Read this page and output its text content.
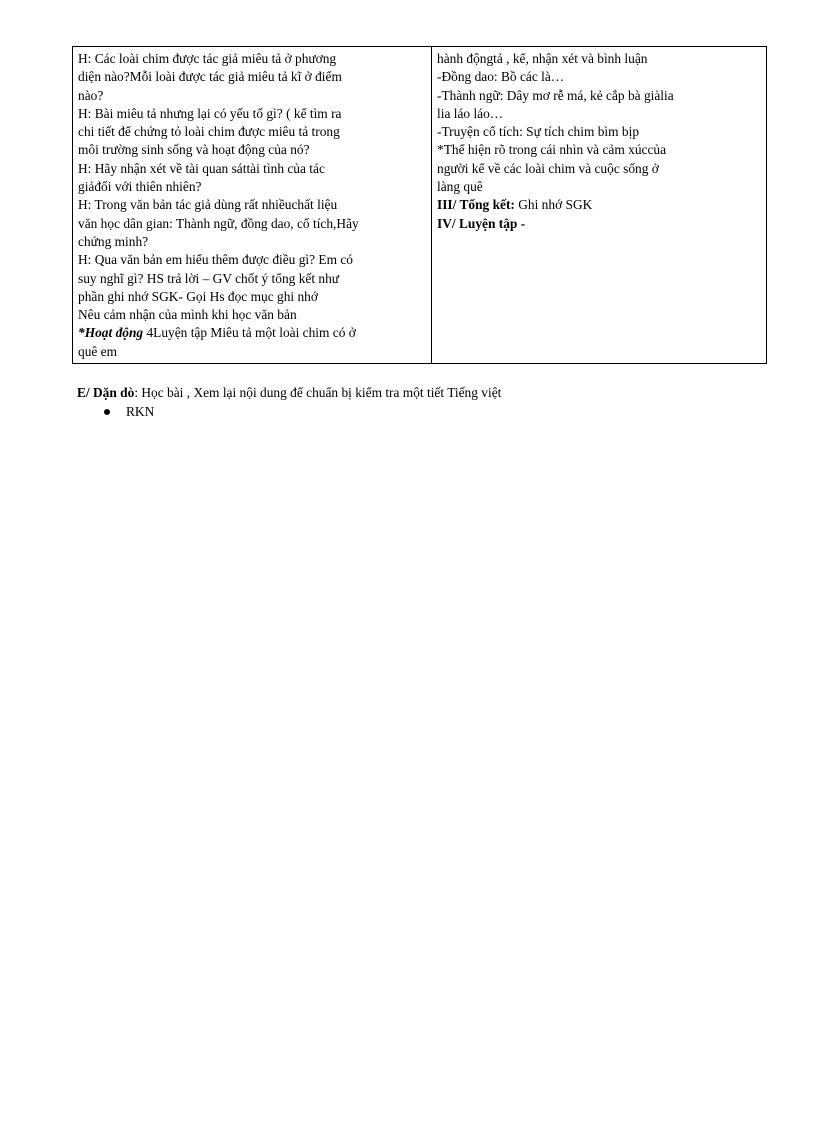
H: Các loài chim được tác giả miêu tả ở phương
diện nào?Mỗi loài được tác giả miêu tả kĩ ở điểm
nào?
H: Bài miêu tả nhưng lại có yếu tố gì? ( kể tìm ra
chi tiết để chứng tỏ loài chim được miêu tả trong
môi trường sinh sống và hoạt động của nó?
H: Hãy nhận xét về tài quan sáttài tình của tác
giảđối với thiên nhiên?
H: Trong văn bản tác giả dùng rất nhiềuchất liệu
văn học dân gian: Thành ngữ, đồng dao, cổ tích,Hãy
chứng minh?
H: Qua văn bản em hiểu thêm được điều gì? Em có
suy nghĩ gì? HS trả lời – GV chốt ý tổng kết như
phần ghi nhớ SGK- Gọi Hs đọc mục ghi nhớ
Nêu cảm nhận của mình khi học văn bản
*Hoạt động 4Luyện tập Miêu tả một loài chim có ở
quê em

hành độngtả , kể, nhận xét và bình luận
-Đồng dao: Bồ các là…
-Thành ngữ: Dây mơ rễ má, kẻ cắp bà giàlia
lia láo láo…
-Truyện cổ tích: Sự tích chim bìm bịp
*Thể hiện rõ trong cái nhìn và cảm xúccủa
người kể về các loài chim và cuộc sống ở
làng quê
III/ Tổng kết: Ghi nhớ SGK
IV/ Luyện tập -
E/ Dặn dò: Học bài , Xem lại nội dung để chuẩn bị kiểm tra một tiết Tiếng việt
RKN
